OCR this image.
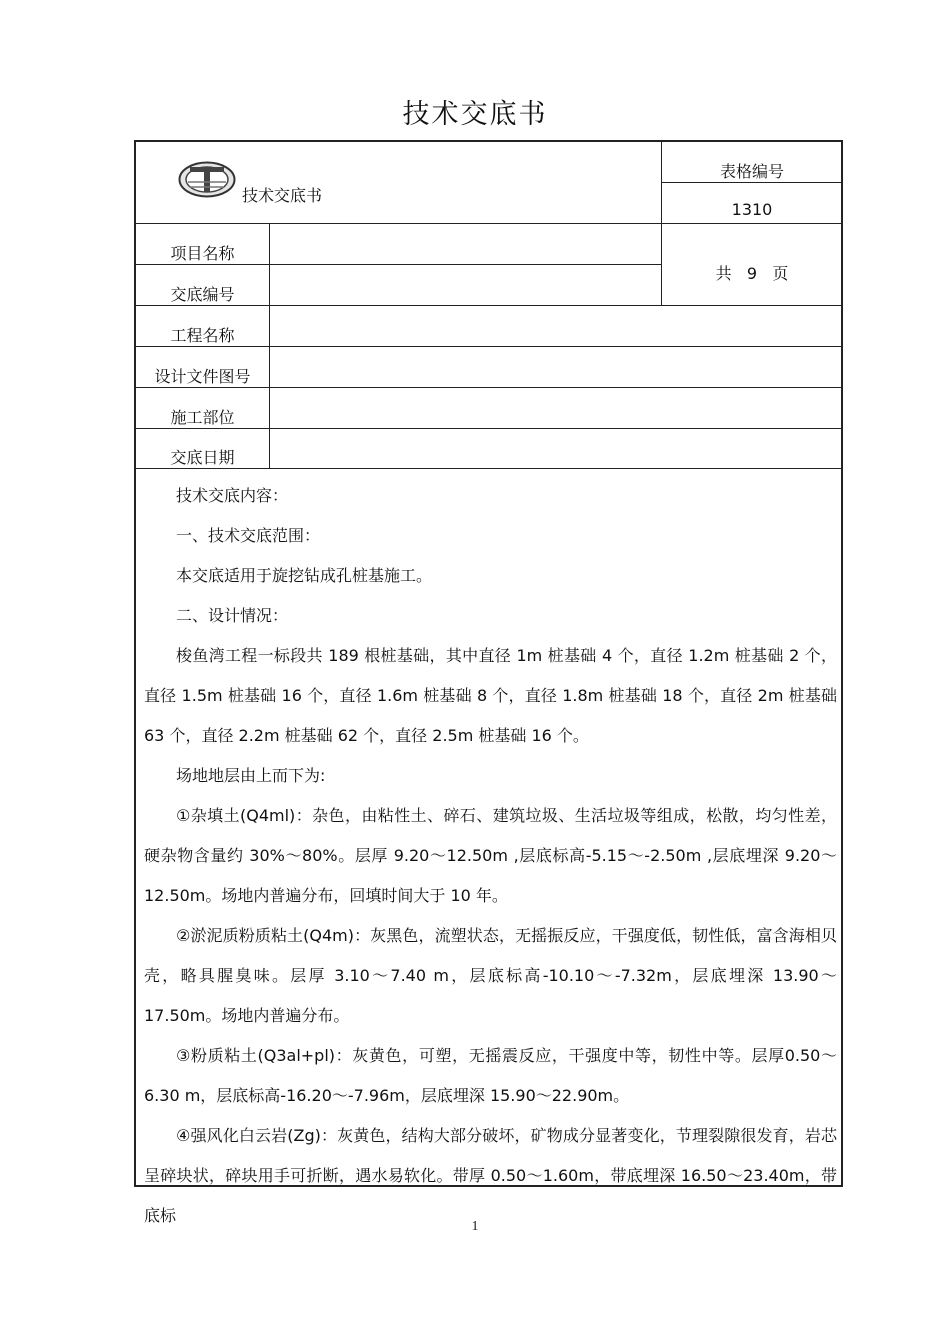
技术交底书
技术交底书
表格编号
1310
共   9   页
项目名称
交底编号
工程名称
设计文件图号
施工部位
交底日期

技术交底内容：

一、技术交底范围：

本交底适用于旋挖钻成孔桩基施工。

二、设计情况：

梭鱼湾工程一标段共 189 根桩基础，其中直径 1m 桩基础 4 个，直径 1.2m 桩基础 2 个，直径 1.5m 桩基础 16 个，直径 1.6m 桩基础 8 个，直径 1.8m 桩基础 18 个，直径 2m 桩基础 63 个，直径 2.2m 桩基础 62 个，直径 2.5m 桩基础 16 个。

场地地层由上而下为:

①杂填土(Q4ml)：杂色，由粘性土、碎石、建筑垃圾、生活垃圾等组成，松散，均匀性差，硬杂物含量约 30%～80%。层厚 9.20～12.50m ,层底标高-5.15～-2.50m ,层底埋深 9.20～12.50m。场地内普遍分布，回填时间大于 10 年。

②淤泥质粉质粘土(Q4m)：灰黑色，流塑状态，无摇振反应，干强度低，韧性低，富含海相贝壳，略具腥臭味。层厚 3.10～7.40 m，层底标高-10.10～-7.32m，层底埋深 13.90～17.50m。场地内普遍分布。

③粉质粘土(Q3al+pl)：灰黄色，可塑，无摇震反应，干强度中等，韧性中等。层厚0.50～6.30 m，层底标高-16.20～-7.96m，层底埋深 15.90～22.90m。

④强风化白云岩(Zg)：灰黄色，结构大部分破坏，矿物成分显著变化，节理裂隙很发育，岩芯呈碎块状，碎块用手可折断，遇水易软化。带厚 0.50～1.60m，带底埋深 16.50～23.40m，带底标

1
